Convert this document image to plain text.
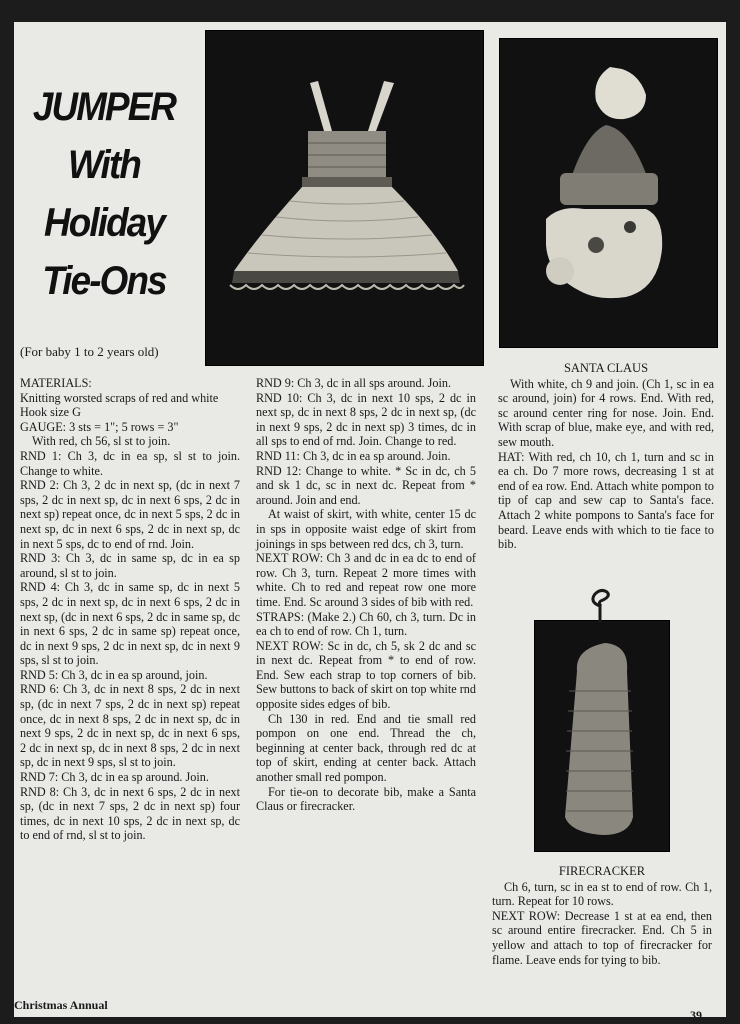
JUMPER
With
Holiday
Tie-Ons
(For baby 1 to 2 years old)

MATERIALS:

Knitting worsted scraps of red and white

Hook size G

GAUGE: 3 sts = 1"; 5 rows = 3"

With red, ch 56, sl st to join.

RND 1: Ch 3, dc in ea sp, sl st to join. Change to white.

RND 2: Ch 3, 2 dc in next sp, (dc in next 7 sps, 2 dc in next sp, dc in next 6 sps, 2 dc in next sp) repeat once, dc in next 5 sps, 2 dc in next sp, dc in next 6 sps, 2 dc in next sp, dc in next 5 sps, dc to end of rnd. Join.

RND 3: Ch 3, dc in same sp, dc in ea sp around, sl st to join.

RND 4: Ch 3, dc in same sp, dc in next 5 sps, 2 dc in next sp, dc in next 6 sps, 2 dc in next sp, (dc in next 6 sps, 2 dc in same sp, dc in next 6 sps, 2 dc in same sp) repeat once, dc in next 9 sps, 2 dc in next sp, dc in next 9 sps, sl st to join.

RND 5: Ch 3, dc in ea sp around, join.

RND 6: Ch 3, dc in next 8 sps, 2 dc in next sp, (dc in next 7 sps, 2 dc in next sp) repeat once, dc in next 8 sps, 2 dc in next sp, dc in next 9 sps, 2 dc in next sp, dc in next 6 sps, 2 dc in next sp, dc in next 8 sps, 2 dc in next sp, dc in next 9 sps, sl st to join.

RND 7: Ch 3, dc in ea sp around. Join.

RND 8: Ch 3, dc in next 6 sps, 2 dc in next sp, (dc in next 7 sps, 2 dc in next sp) four times, dc in next 10 sps, 2 dc in next sp, dc to end of rnd, sl st to join.

RND 9: Ch 3, dc in all sps around. Join.

RND 10: Ch 3, dc in next 10 sps, 2 dc in next sp, dc in next 8 sps, 2 dc in next sp, (dc in next 9 sps, 2 dc in next sp) 3 times, dc in all sps to end of rnd. Join. Change to red.

RND 11: Ch 3, dc in ea sp around. Join.

RND 12: Change to white. * Sc in dc, ch 5 and sk 1 dc, sc in next dc. Repeat from * around. Join and end.

At waist of skirt, with white, center 15 dc in sps in opposite waist edge of skirt from joinings in sps between red dcs, ch 3, turn.

NEXT ROW: Ch 3 and dc in ea dc to end of row. Ch 3, turn. Repeat 2 more times with white. Ch to red and repeat row one more time. End. Sc around 3 sides of bib with red.

STRAPS: (Make 2.) Ch 60, ch 3, turn. Dc in ea ch to end of row. Ch 1, turn.

NEXT ROW: Sc in dc, ch 5, sk 2 dc and sc in next dc. Repeat from * to end of row. End. Sew each strap to top corners of bib. Sew buttons to back of skirt on top white rnd opposite sides edges of bib.

Ch 130 in red. End and tie small red pompon on one end. Thread the ch, beginning at center back, through red dc at top of skirt, ending at center back. Attach another small red pompon.

For tie-on to decorate bib, make a Santa Claus or firecracker.

SANTA CLAUS

With white, ch 9 and join. (Ch 1, sc in ea sc around, join) for 4 rows. End. With red, sc around center ring for nose. Join. End. With scrap of blue, make eye, and with red, sew mouth.

HAT: With red, ch 10, ch 1, turn and sc in ea ch. Do 7 more rows, decreasing 1 st at end of ea row. End. Attach white pompon to tip of cap and sew cap to Santa's face. Attach 2 white pompons to Santa's face for beard. Leave ends with which to tie face to bib.

FIRECRACKER

Ch 6, turn, sc in ea st to end of row. Ch 1, turn. Repeat for 10 rows.

NEXT ROW: Decrease 1 st at ea end, then sc around entire firecracker. End. Ch 5 in yellow and attach to top of firecracker for flame. Leave ends for tying to bib.

Christmas Annual
39
